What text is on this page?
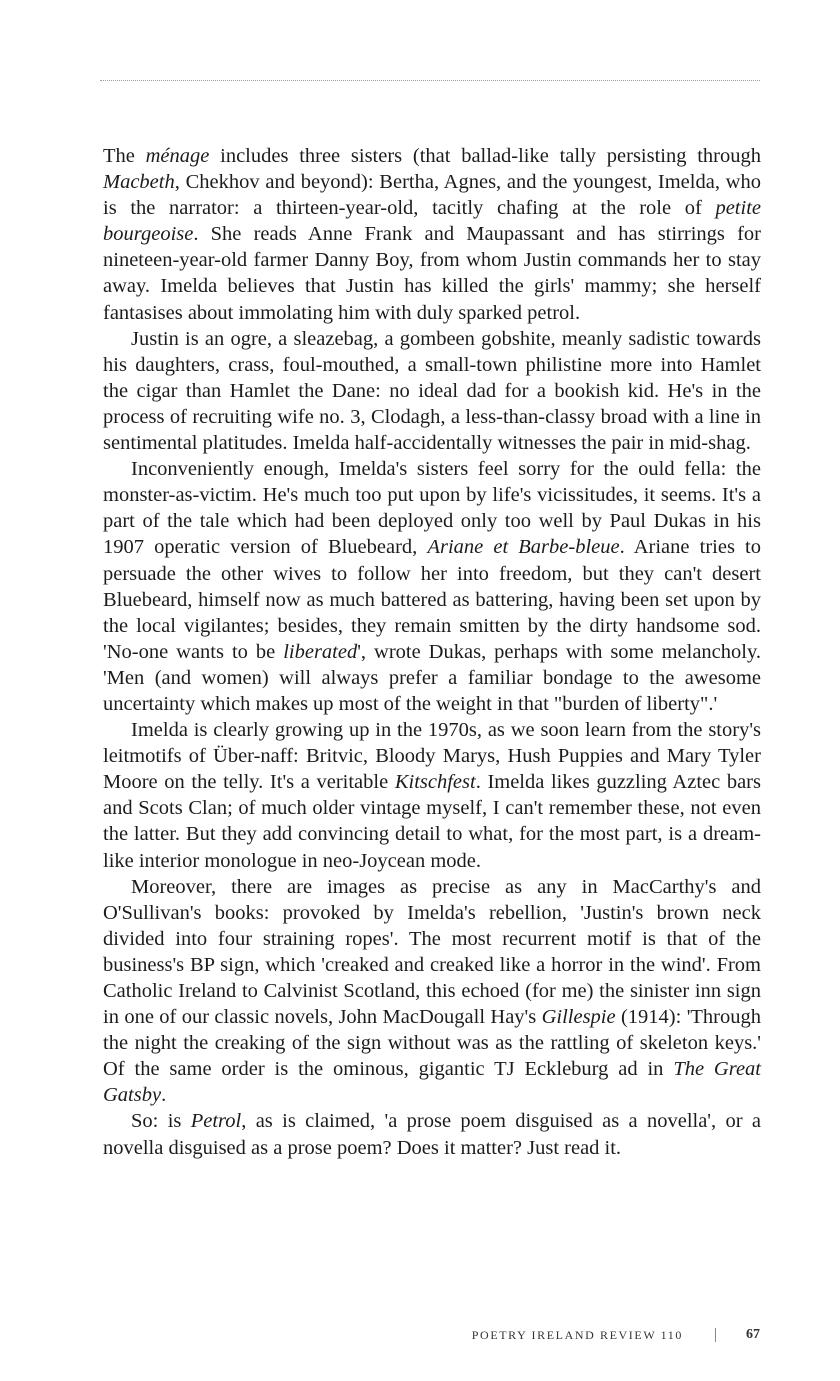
The ménage includes three sisters (that ballad-like tally persisting through Macbeth, Chekhov and beyond): Bertha, Agnes, and the youngest, Imelda, who is the narrator: a thirteen-year-old, tacitly chafing at the role of petite bourgeoise. She reads Anne Frank and Maupassant and has stirrings for nineteen-year-old farmer Danny Boy, from whom Justin commands her to stay away. Imelda believes that Justin has killed the girls' mammy; she herself fantasises about immolating him with duly sparked petrol.

Justin is an ogre, a sleazebag, a gombeen gobshite, meanly sadistic towards his daughters, crass, foul-mouthed, a small-town philistine more into Hamlet the cigar than Hamlet the Dane: no ideal dad for a bookish kid. He's in the process of recruiting wife no. 3, Clodagh, a less-than-classy broad with a line in sentimental platitudes. Imelda half-accidentally witnesses the pair in mid-shag.

Inconveniently enough, Imelda's sisters feel sorry for the ould fella: the monster-as-victim. He's much too put upon by life's vicissitudes, it seems. It's a part of the tale which had been deployed only too well by Paul Dukas in his 1907 operatic version of Bluebeard, Ariane et Barbe-bleue. Ariane tries to persuade the other wives to follow her into freedom, but they can't desert Bluebeard, himself now as much battered as battering, having been set upon by the local vigilantes; besides, they remain smitten by the dirty handsome sod. 'No-one wants to be liberated', wrote Dukas, perhaps with some melancholy. 'Men (and women) will always prefer a familiar bondage to the awesome uncertainty which makes up most of the weight in that "burden of liberty".'

Imelda is clearly growing up in the 1970s, as we soon learn from the story's leitmotifs of Über-naff: Britvic, Bloody Marys, Hush Puppies and Mary Tyler Moore on the telly. It's a veritable Kitschfest. Imelda likes guzzling Aztec bars and Scots Clan; of much older vintage myself, I can't remember these, not even the latter. But they add convincing detail to what, for the most part, is a dream-like interior monologue in neo-Joycean mode.

Moreover, there are images as precise as any in MacCarthy's and O'Sullivan's books: provoked by Imelda's rebellion, 'Justin's brown neck divided into four straining ropes'. The most recurrent motif is that of the business's BP sign, which 'creaked and creaked like a horror in the wind'. From Catholic Ireland to Calvinist Scotland, this echoed (for me) the sinister inn sign in one of our classic novels, John MacDougall Hay's Gillespie (1914): 'Through the night the creaking of the sign without was as the rattling of skeleton keys.' Of the same order is the ominous, gigantic TJ Eckleburg ad in The Great Gatsby.

So: is Petrol, as is claimed, 'a prose poem disguised as a novella', or a novella disguised as a prose poem? Does it matter? Just read it.

POETRY IRELAND REVIEW 110	67
